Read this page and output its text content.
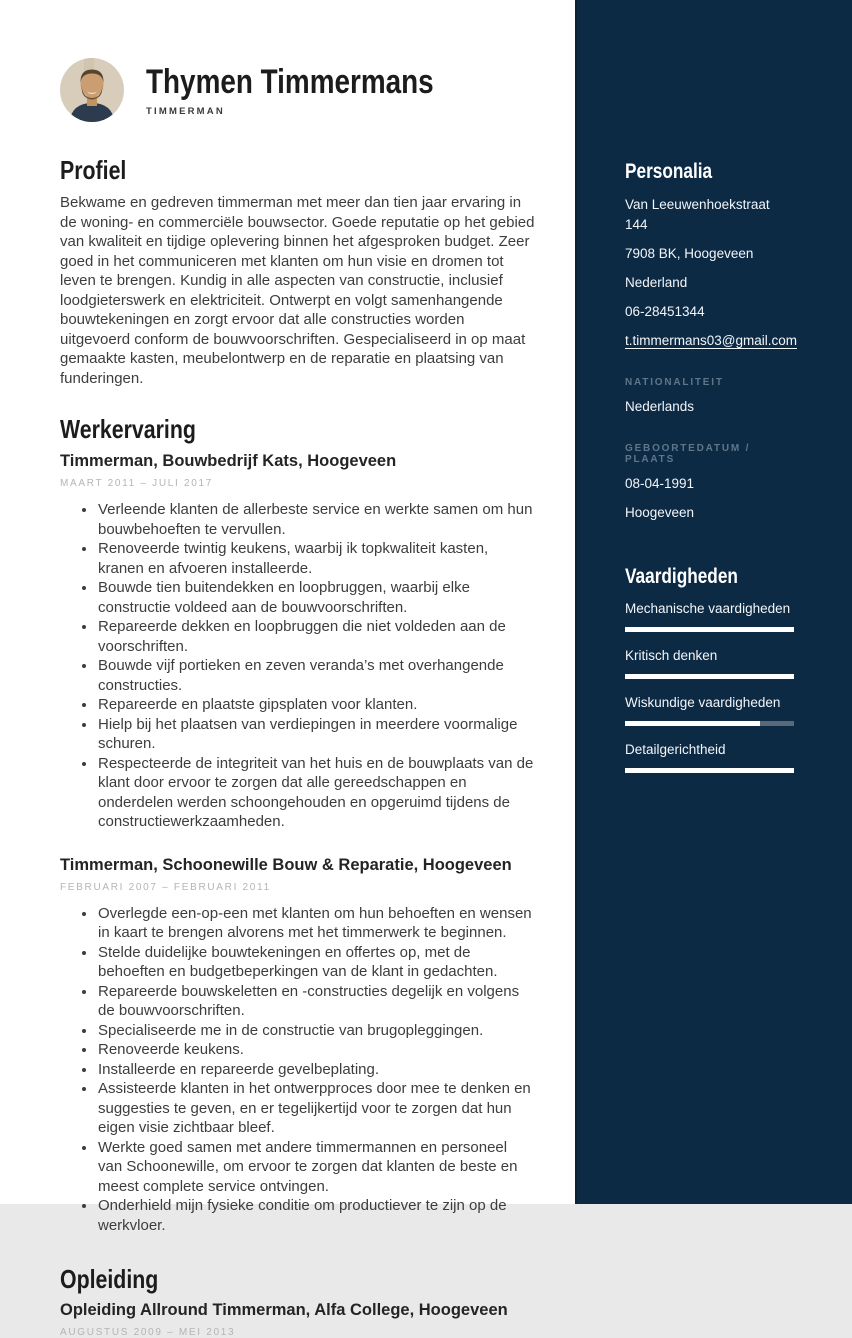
Thymen Timmermans
TIMMERMAN
Profiel

Bekwame en gedreven timmerman met meer dan tien jaar ervaring in de woning- en commerciële bouwsector. Goede reputatie op het gebied van kwaliteit en tijdige oplevering binnen het afgesproken budget. Zeer goed in het communiceren met klanten om hun visie en dromen tot leven te brengen. Kundig in alle aspecten van constructie, inclusief loodgieterswerk en elektriciteit. Ontwerpt en volgt samenhangende bouwtekeningen en zorgt ervoor dat alle constructies worden uitgevoerd conform de bouwvoorschriften. Gespecialiseerd in op maat gemaakte kasten, meubelontwerp en de reparatie en plaatsing van funderingen.

Werkervaring
Timmerman, Bouwbedrijf Kats, Hoogeveen
MAART 2011 – JULI 2017
• Verleende klanten de allerbeste service en werkte samen om hun bouwbehoeften te vervullen.
• Renoveerde twintig keukens, waarbij ik topkwaliteit kasten, kranen en afvoeren installeerde.
• Bouwde tien buitendekken en loopbruggen, waarbij elke constructie voldeed aan de bouwvoorschriften.
• Repareerde dekken en loopbruggen die niet voldeden aan de voorschriften.
• Bouwde vijf portieken en zeven veranda’s met overhangende constructies.
• Repareerde en plaatste gipsplaten voor klanten.
• Hielp bij het plaatsen van verdiepingen in meerdere voormalige schuren.
• Respecteerde de integriteit van het huis en de bouwplaats van de klant door ervoor te zorgen dat alle gereedschappen en onderdelen werden schoongehouden en opgeruimd tijdens de constructiewerkzaamheden.
Timmerman, Schoonewille Bouw & Reparatie, Hoogeveen
FEBRUARI 2007 – FEBRUARI 2011
• Overlegde een-op-een met klanten om hun behoeften en wensen in kaart te brengen alvorens met het timmerwerk te beginnen.
• Stelde duidelijke bouwtekeningen en offertes op, met de behoeften en budgetbeperkingen van de klant in gedachten.
• Repareerde bouwskeletten en -constructies degelijk en volgens de bouwvoorschriften.
• Specialiseerde me in de constructie van brugopleggingen.
• Renoveerde keukens.
• Installeerde en repareerde gevelbeplating.
• Assisteerde klanten in het ontwerpproces door mee te denken en suggesties te geven, en er tegelijkertijd voor te zorgen dat hun eigen visie zichtbaar bleef.
• Werkte goed samen met andere timmermannen en personeel van Schoonewille, om ervoor te zorgen dat klanten de beste en meest complete service ontvingen.
• Onderhield mijn fysieke conditie om productiever te zijn op de werkvloer.
Opleiding
Opleiding Allround Timmerman, Alfa College, Hoogeveen
AUGUSTUS 2009 – MEI 2013
Personalia
Van Leeuwenhoekstraat 144
7908 BK, Hoogeveen
Nederland
06-28451344
t.timmermans03@gmail.com
NATIONALITEIT
Nederlands
GEBOORTEDATUM / PLAATS
08-04-1991
Hoogeveen
Vaardigheden
Mechanische vaardigheden
Kritisch denken
Wiskundige vaardigheden
Detailgerichtheid
